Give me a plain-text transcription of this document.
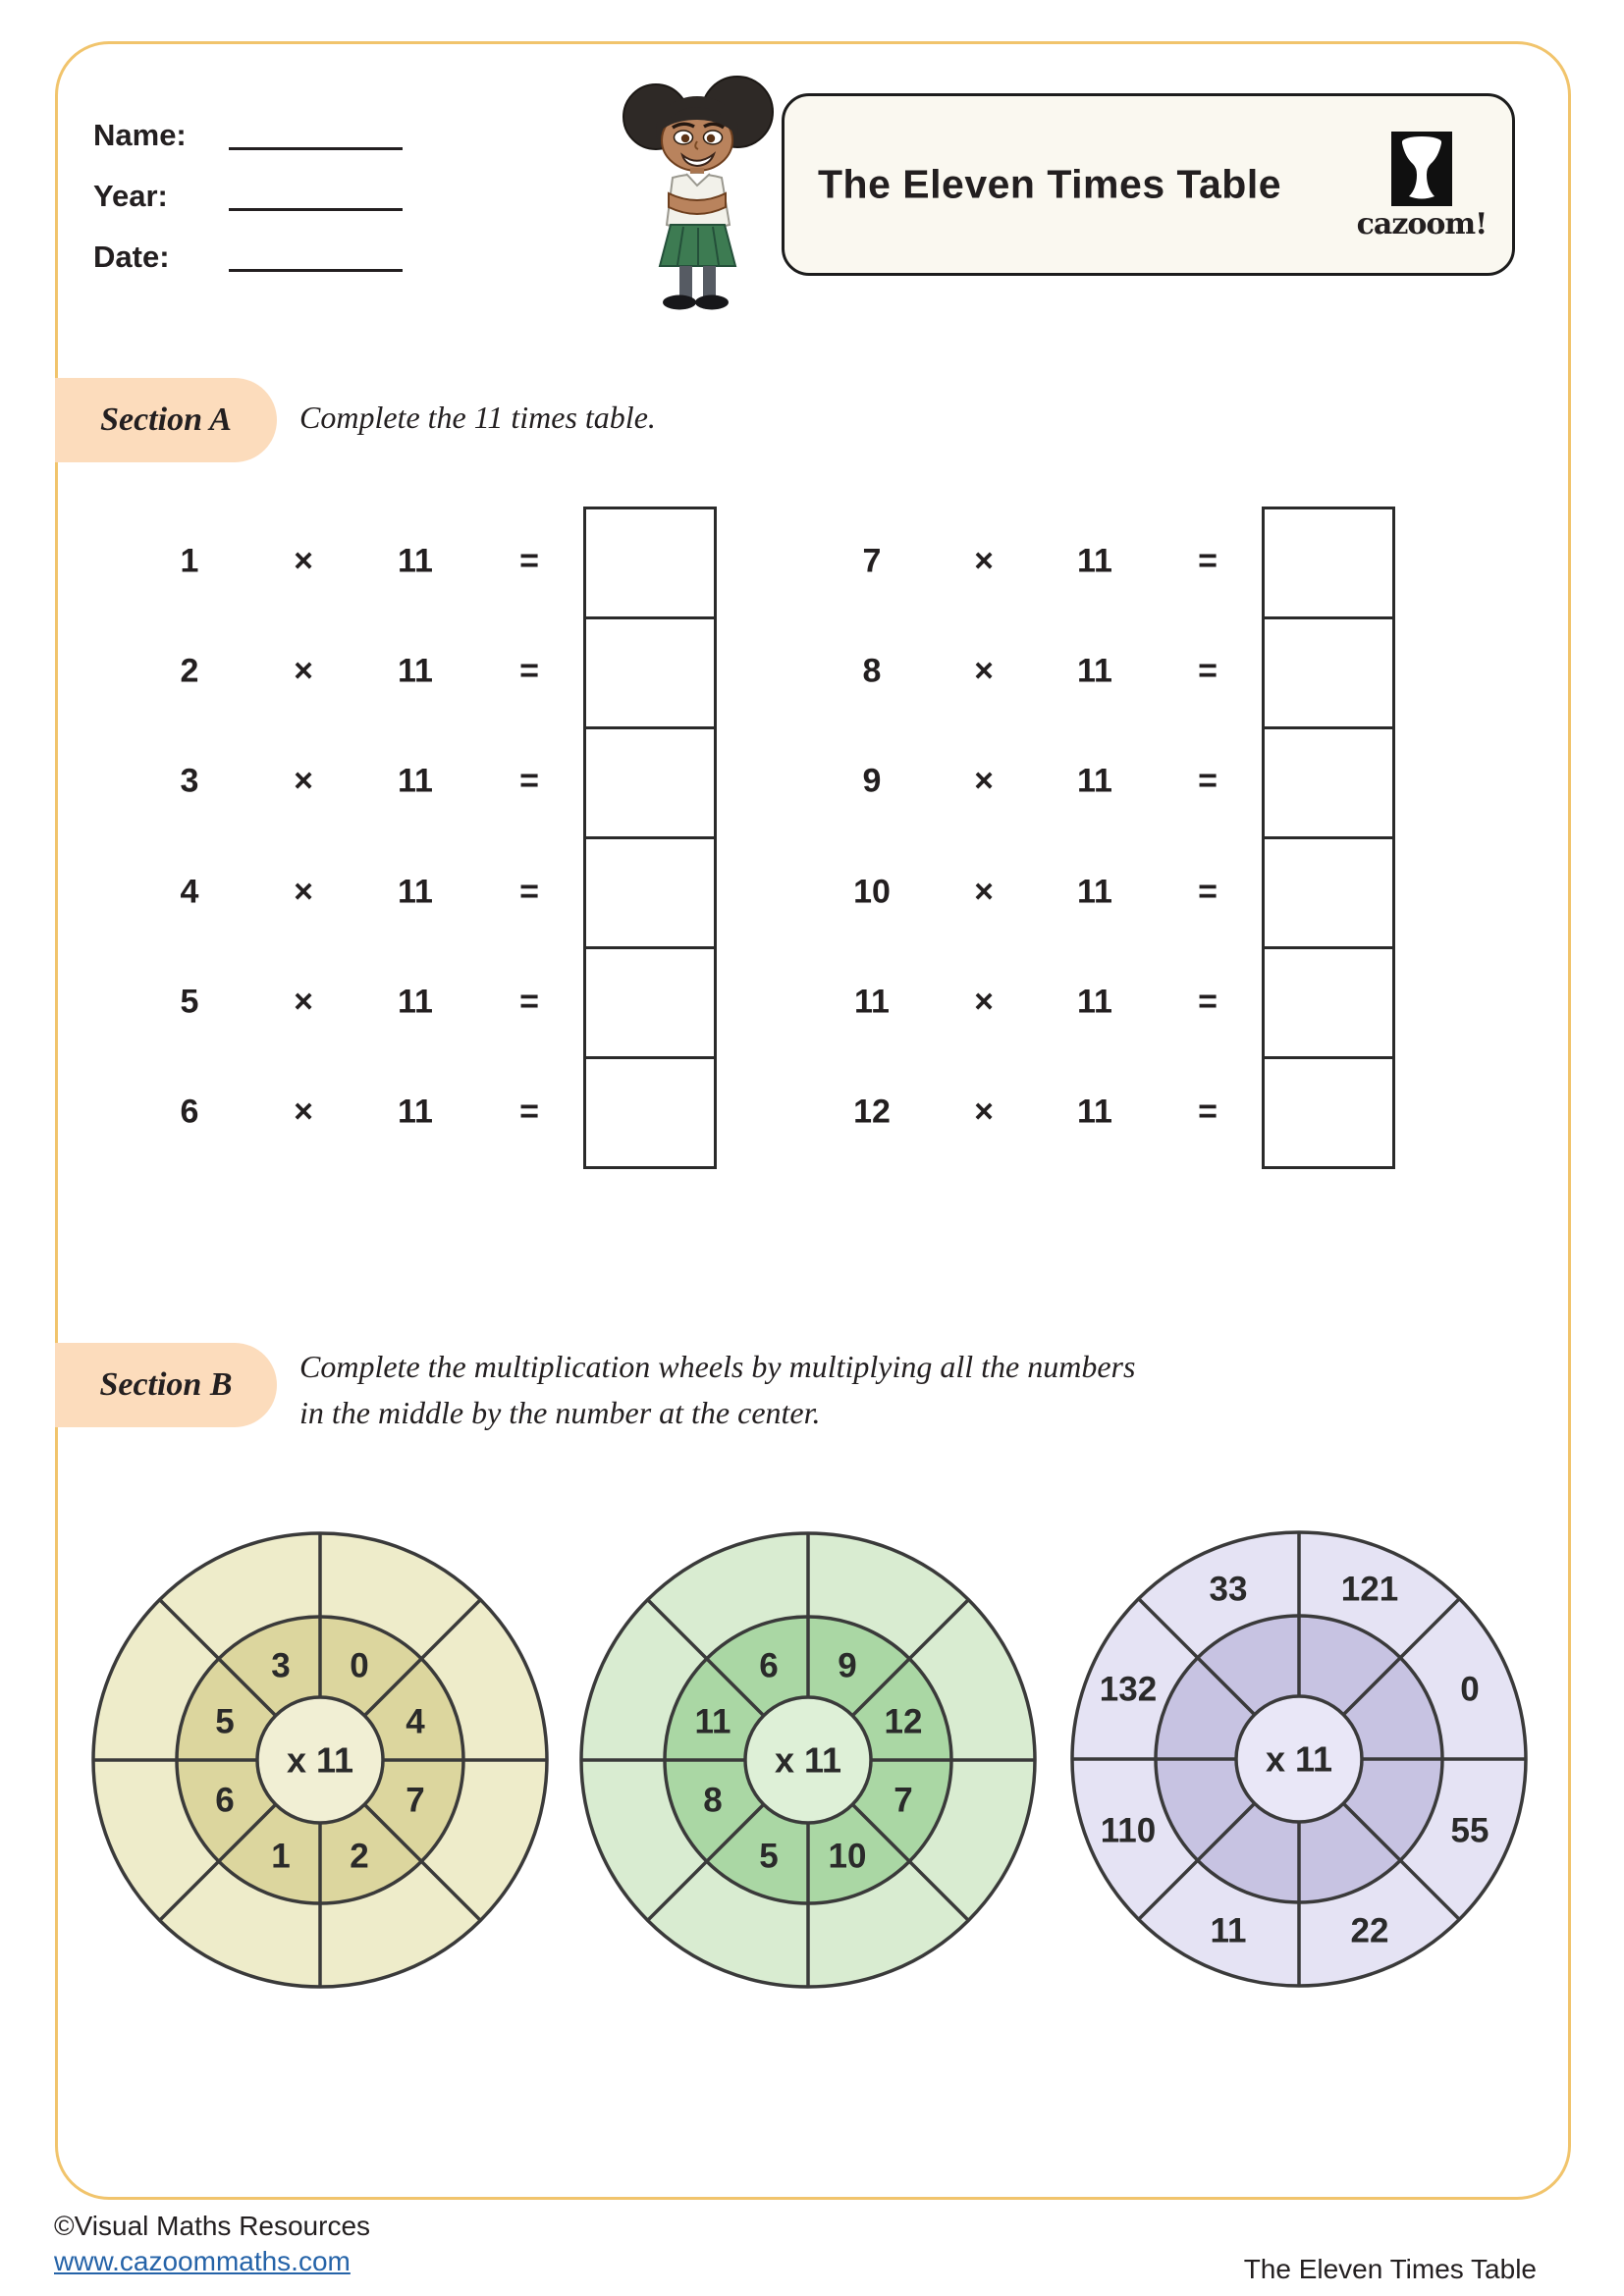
Name:
Year:
Date:
The Eleven Times Table
cazoom!
Section A	Complete the 11 times table.
1	×	11	=
2	×	11	=
3	×	11	=
4	×	11	=
5	×	11	=
6	×	11	=
7	×	11	=
8	×	11	=
9	×	11	=
10	×	11	=
11	×	11	=
12	×	11	=
Section B	Complete the multiplication wheels by multiplying all the numbers
in the middle by the number at the center.
x 11
0
4
7
2
1
6
5
3
x 11
9
12
7
10
5
8
11
6
x 11
121
0
55
22
11
110
132
33
©Visual Maths Resources
www.cazoommaths.com	The Eleven Times Table
